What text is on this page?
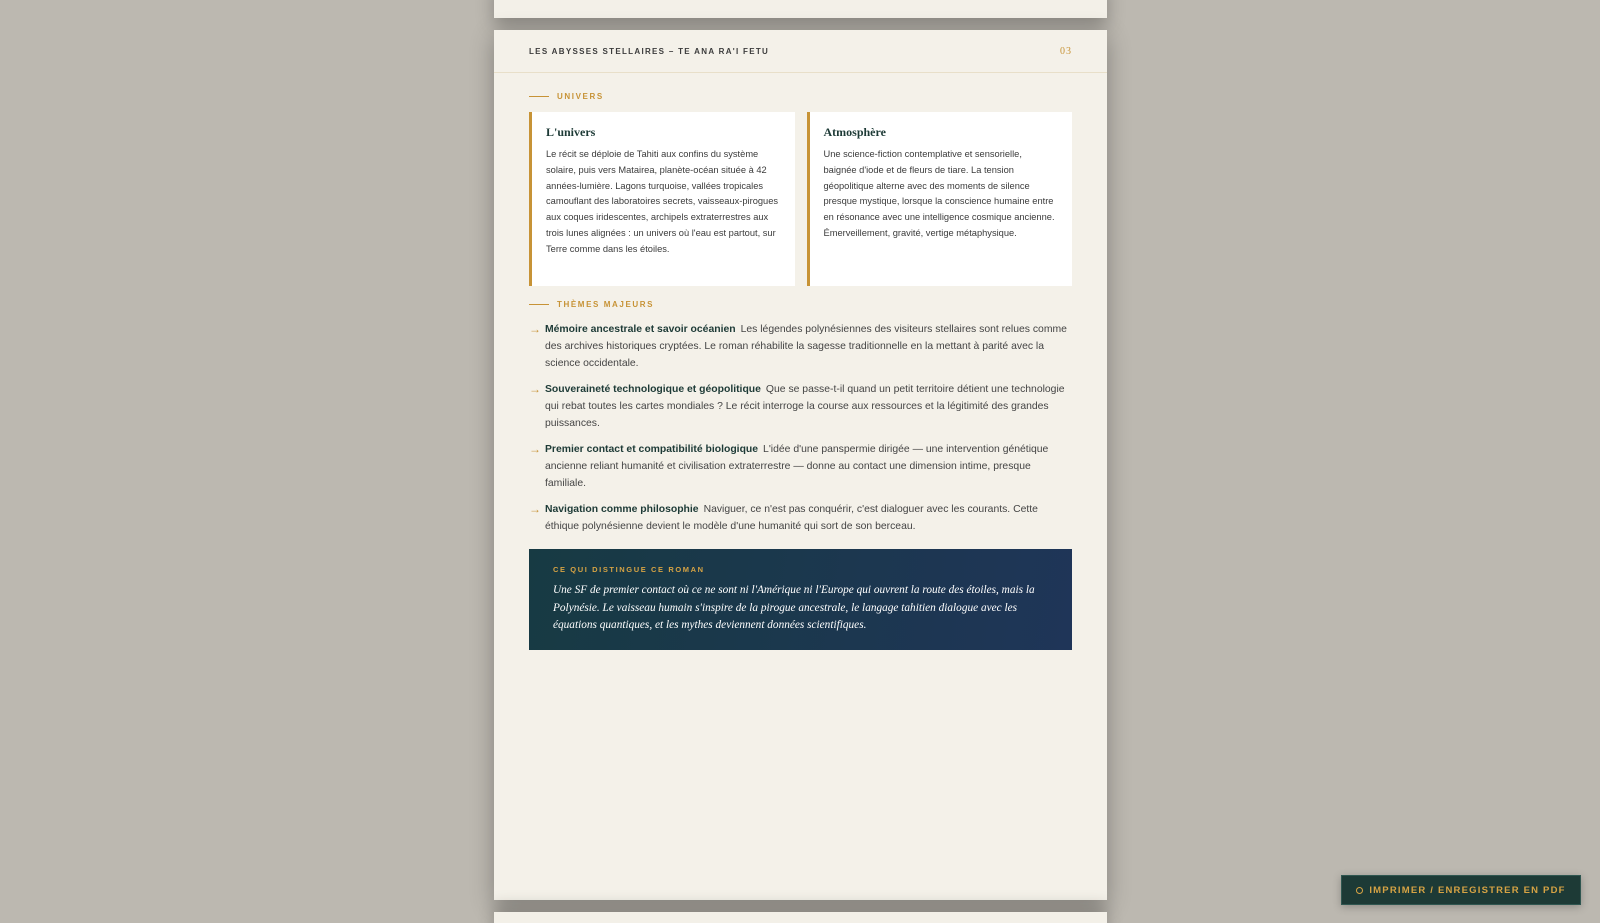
LES ABYSSES STELLAIRES – TE ANA RA'I FETU	03
UNIVERS
L'univers

Le récit se déploie de Tahiti aux confins du système solaire, puis vers Matairea, planète-océan située à 42 années-lumière. Lagons turquoise, vallées tropicales camouflant des laboratoires secrets, vaisseaux-pirogues aux coques iridescentes, archipels extraterrestres aux trois lunes alignées : un univers où l'eau est partout, sur Terre comme dans les étoiles.

Atmosphère

Une science-fiction contemplative et sensorielle, baignée d'iode et de fleurs de tiare. La tension géopolitique alterne avec des moments de silence presque mystique, lorsque la conscience humaine entre en résonance avec une intelligence cosmique ancienne. Émerveillement, gravité, vertige métaphysique.

THÈMES MAJEURS
→ Mémoire ancestrale et savoir océanien Les légendes polynésiennes des visiteurs stellaires sont relues comme des archives historiques cryptées. Le roman réhabilite la sagesse traditionnelle en la mettant à parité avec la science occidentale.
→ Souveraineté technologique et géopolitique Que se passe-t-il quand un petit territoire détient une technologie qui rebat toutes les cartes mondiales ? Le récit interroge la course aux ressources et la légitimité des grandes puissances.
→ Premier contact et compatibilité biologique L'idée d'une panspermie dirigée — une intervention génétique ancienne reliant humanité et civilisation extraterrestre — donne au contact une dimension intime, presque familiale.
→ Navigation comme philosophie Naviguer, ce n'est pas conquérir, c'est dialoguer avec les courants. Cette éthique polynésienne devient le modèle d'une humanité qui sort de son berceau.
CE QUI DISTINGUE CE ROMAN
Une SF de premier contact où ce ne sont ni l'Amérique ni l'Europe qui ouvrent la route des étoiles, mais la Polynésie. Le vaisseau humain s'inspire de la pirogue ancestrale, le langage tahitien dialogue avec les équations quantiques, et les mythes deviennent données scientifiques.
IMPRIMER / ENREGISTRER EN PDF
